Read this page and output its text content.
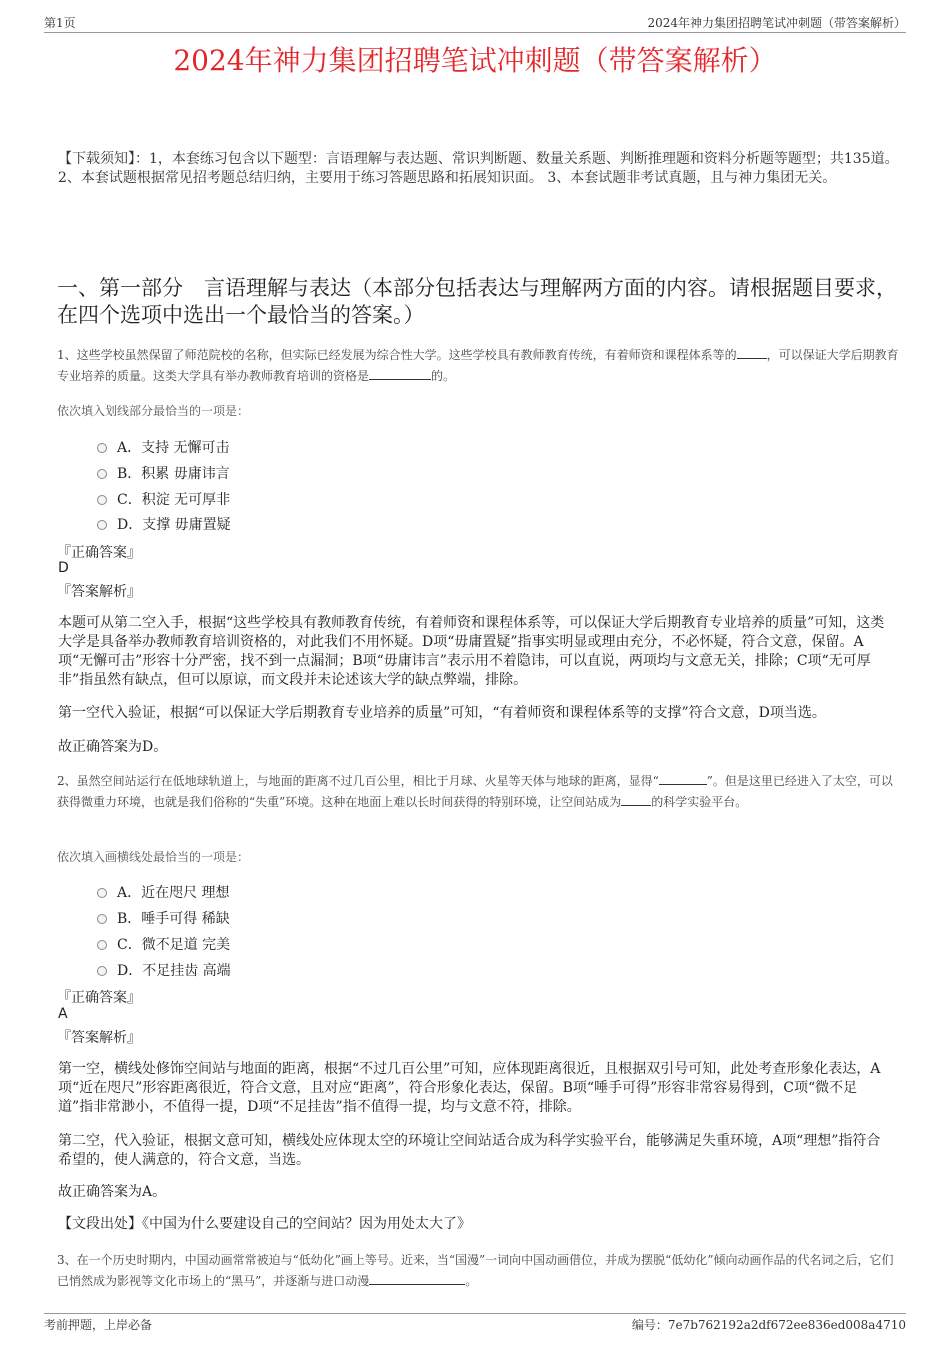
第1页	2024年神力集团招聘笔试冲刺题（带答案解析）
2024年神力集团招聘笔试冲刺题（带答案解析）
【下载须知】：1，本套练习包含以下题型：言语理解与表达题、常识判断题、数量关系题、判断推理题和资料分析题等题型；共135道。 2、本套试题根据常见招考题总结归纳，主要用于练习答题思路和拓展知识面。 3、本套试题非考试真题，且与神力集团无关。
一、第一部分　言语理解与表达（本部分包括表达与理解两方面的内容。请根据题目要求，在四个选项中选出一个最恰当的答案。）
1、这些学校虽然保留了师范院校的名称，但实际已经发展为综合性大学。这些学校具有教师教育传统，有着师资和课程体系等的	，可以保证大学后期教育专业培养的质量。这类大学具有举办教师教育培训的资格是	的。
依次填入划线部分最恰当的一项是：
A．支持 无懈可击
B．积累 毋庸讳言
C．积淀 无可厚非
D．支撑 毋庸置疑
『正确答案』
D
『答案解析』
本题可从第二空入手，根据“这些学校具有教师教育传统，有着师资和课程体系等，可以保证大学后期教育专业培养的质量”可知，这类大学是具备举办教师教育培训资格的，对此我们不用怀疑。D项“毋庸置疑”指事实明显或理由充分，不必怀疑，符合文意，保留。A项“无懈可击”形容十分严密，找不到一点漏洞；B项“毋庸讳言”表示用不着隐讳，可以直说，两项均与文意无关，排除；C项“无可厚非”指虽然有缺点，但可以原谅，而文段并未论述该大学的缺点弊端，排除。
第一空代入验证，根据“可以保证大学后期教育专业培养的质量”可知，“有着师资和课程体系等的支撑”符合文意，D项当选。
故正确答案为D。
2、虽然空间站运行在低地球轨道上，与地面的距离不过几百公里，相比于月球、火星等天体与地球的距离，显得“	”。但是这里已经进入了太空，可以获得微重力环境，也就是我们俗称的“失重”环境。这种在地面上难以长时间获得的特别环境，让空间站成为	的科学实验平台。
依次填入画横线处最恰当的一项是：
A．近在咫尺 理想
B．唾手可得 稀缺
C．微不足道 完美
D．不足挂齿 高端
『正确答案』
A
『答案解析』
第一空，横线处修饰空间站与地面的距离，根据“不过几百公里”可知，应体现距离很近，且根据双引号可知，此处考查形象化表达，A项“近在咫尺”形容距离很近，符合文意，且对应“距离”，符合形象化表达，保留。B项“唾手可得”形容非常容易得到，C项“微不足道”指非常渺小，不值得一提，D项“不足挂齿”指不值得一提，均与文意不符，排除。
第二空，代入验证，根据文意可知，横线处应体现太空的环境让空间站适合成为科学实验平台，能够满足失重环境，A项“理想”指符合希望的，使人满意的，符合文意，当选。
故正确答案为A。
【文段出处】《中国为什么要建设自己的空间站？因为用处太大了》
3、在一个历史时期内，中国动画常常被迫与“低幼化”画上等号。近来，当“国漫”一词向中国动画借位，并成为摆脱“低幼化”倾向动画作品的代名词之后，它们已悄然成为影视等文化市场上的“黑马”，并逐渐与进口动漫	。
考前押题，上岸必备	编号：7e7b762192a2df672ee836ed008a4710
